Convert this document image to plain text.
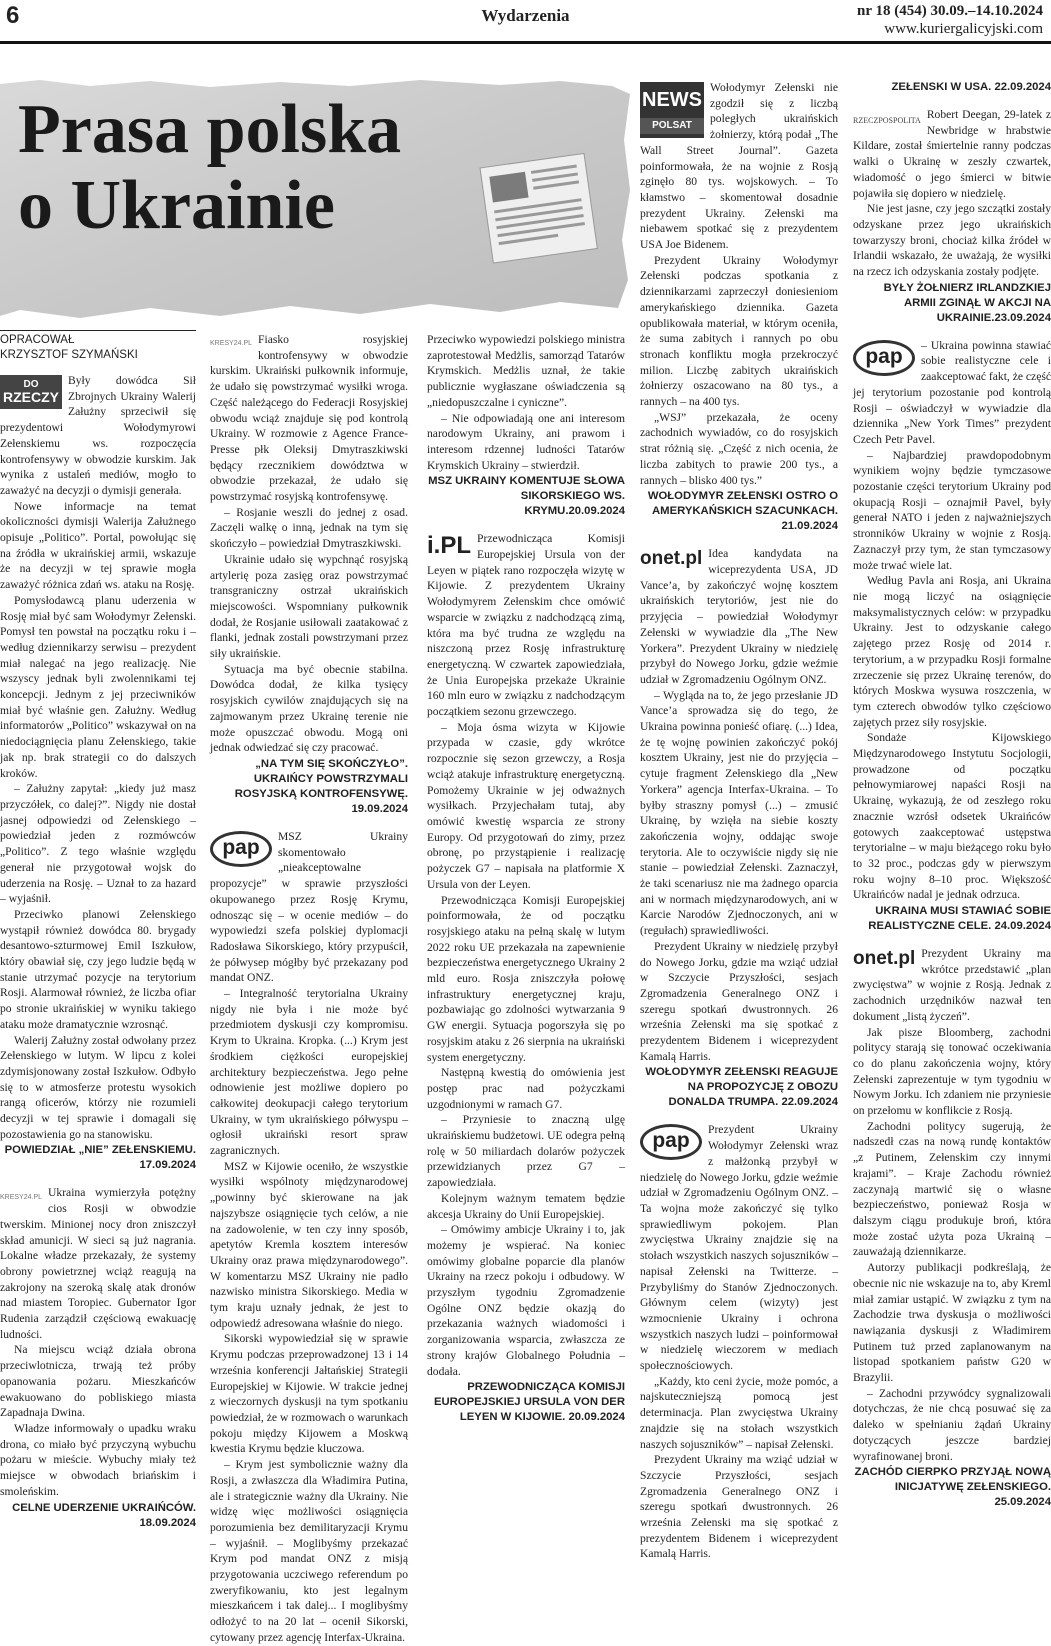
6	Wydarzenia	nr 18 (454) 30.09.–14.10.2024
www.kuriergalicyjski.com
Prasa polska
o Ukrainie
OPRACOWAŁ
KRZYSZTOF SZYMAŃSKI
DO
RZECZY

Były dowódca Sił Zbrojnych Ukrainy Walerij Załużny sprzeciwił się prezydentowi Wołodymyrowi Zełenskiemu ws. rozpoczęcia kontrofensywy w obwodzie kurskim. Jak wynika z ustaleń mediów, mogło to zaważyć na decyzji o dymisji generała.

Nowe informacje na temat okoliczności dymisji Walerija Załużnego opisuje „Politico”. Portal, powołując się na źródła w ukraińskiej armii, wskazuje że na decyzji w tej sprawie mogła zaważyć różnica zdań ws. ataku na Rosję.

Pomysłodawcą planu uderzenia w Rosję miał być sam Wołodymyr Zełenski. Pomysł ten powstał na początku roku i – według dziennikarzy serwisu – prezydent miał nalegać na jego realizację. Nie wszyscy jednak byli zwolennikami tej koncepcji. Jednym z jej przeciwników miał być właśnie gen. Załużny. Według informatorów „Politico” wskazywał on na niedociągnięcia planu Zełenskiego, takie jak np. brak strategii co do dalszych kroków.

– Załużny zapytał: „kiedy już masz przyczółek, co dalej?”. Nigdy nie dostał jasnej odpowiedzi od Zełenskiego – powiedział jeden z rozmówców „Politico”. Z tego właśnie względu generał nie przygotował wojsk do uderzenia na Rosję. – Uznał to za hazard – wyjaśnił.

Przeciwko planowi Zełenskiego wystąpił również dowódca 80. brygady desantowo-szturmowej Emil Iszkułow, który obawiał się, czy jego ludzie będą w stanie utrzymać pozycje na terytorium Rosji. Alarmował również, że liczba ofiar po stronie ukraińskiej w wyniku takiego ataku może dramatycznie wzrosnąć.

Walerij Załużny został odwołany przez Zełenskiego w lutym. W lipcu z kolei zdymisjonowany został Iszkułow. Odbyło się to w atmosferze protestu wysokich rangą oficerów, którzy nie rozumieli decyzji w tej sprawie i domagali się pozostawienia go na stanowisku.

POWIEDZIAŁ „NIE” ZEŁENSKIEMU.
17.09.2024
KRESY24.PL Ukraina wymierzyła potężny cios Rosji w obwodzie twerskim. Minionej nocy dron zniszczył skład amunicji. W sieci są już nagrania. Lokalne władze przekazały, że systemy obrony powietrznej wciąż reagują na zakrojony na szeroką skalę atak dronów nad miastem Toropiec. Gubernator Igor Rudenia zarządził częściową ewakuację ludności.

Na miejscu wciąż działa obrona przeciwlotnicza, trwają też próby opanowania pożaru. Mieszkańców ewakuowano do pobliskiego miasta Zapadnaja Dwina.

Władze informowały o upadku wraku drona, co miało być przyczyną wybuchu pożaru w mieście. Wybuchy miały też miejsce w obwodach briańskim i smoleńskim.

CELNE UDERZENIE UKRAIŃCÓW.
18.09.2024
KRESY24.PL Fiasko rosyjskiej kontrofensywy w obwodzie kurskim. Ukraiński pułkownik informuje, że udało się powstrzymać wysiłki wroga. Część należącego do Federacji Rosyjskiej obwodu wciąż znajduje się pod kontrolą Ukrainy. W rozmowie z Agence France-Presse płk Oleksij Dmytraszkiwski będący rzecznikiem dowództwa w obwodzie przekazał, że udało się powstrzymać rosyjską kontrofensywę.

– Rosjanie weszli do jednej z osad. Zaczęli walkę o inną, jednak na tym się skończyło – powiedział Dmytraszkiwski.

Ukrainie udało się wypchnąć rosyjską artylerię poza zasięg oraz powstrzymać transgraniczny ostrzał ukraińskich miejscowości. Wspomniany pułkownik dodał, że Rosjanie usiłowali zaatakować z flanki, jednak zostali powstrzymani przez siły ukraińskie.

Sytuacja ma być obecnie stabilna. Dowódca dodał, że kilka tysięcy rosyjskich cywilów znajdujących się na zajmowanym przez Ukrainę terenie nie może opuszczać obwodu. Mogą oni jednak odwiedzać się czy pracować.

„NA TYM SIĘ SKOŃCZYŁO”. UKRAIŃCY POWSTRZYMALI ROSYJSKĄ KONTROFENSYWĘ. 19.09.2024
pap	MSZ Ukrainy skomentowało „nieakceptowalne propozycje” w sprawie przyszłości okupowanego przez Rosję Krymu, odnosząc się – w ocenie mediów – do wypowiedzi szefa polskiej dyplomacji Radosława Sikorskiego, który przypuścił, że półwysep mógłby być przekazany pod mandat ONZ.

– Integralność terytorialna Ukrainy nigdy nie była i nie może być przedmiotem dyskusji czy kompromisu. Krym to Ukraina. Kropka. (...) Krym jest środkiem ciężkości europejskiej architektury bezpieczeństwa. Jego pełne odnowienie jest możliwe dopiero po całkowitej deokupacji całego terytorium Ukrainy, w tym ukraińskiego półwyspu – ogłosił ukraiński resort spraw zagranicznych.

MSZ w Kijowie oceniło, że wszystkie wysiłki wspólnoty międzynarodowej „powinny być skierowane na jak najszybsze osiągnięcie tych celów, a nie na zadowolenie, w ten czy inny sposób, apetytów Kremla kosztem interesów Ukrainy oraz prawa międzynarodowego”. W komentarzu MSZ Ukrainy nie padło nazwisko ministra Sikorskiego. Media w tym kraju uznały jednak, że jest to odpowiedź adresowana właśnie do niego.

Sikorski wypowiedział się w sprawie Krymu podczas przeprowadzonej 13 i 14 września konferencji Jałtańskiej Strategii Europejskiej w Kijowie. W trakcie jednej z wieczornych dyskusji na tym spotkaniu powiedział, że w rozmowach o warunkach pokoju między Kijowem a Moskwą kwestia Krymu będzie kluczowa.

– Krym jest symbolicznie ważny dla Rosji, a zwłaszcza dla Władimira Putina, ale i strategicznie ważny dla Ukrainy. Nie widzę więc możliwości osiągnięcia porozumienia bez demilitaryzacji Krymu – wyjaśnił. – Moglibyśmy przekazać Krym pod mandat ONZ z misją przygotowania uczciwego referendum po zweryfikowaniu, kto jest legalnym mieszkańcem i tak dalej... I moglibyśmy odłożyć to na 20 lat – ocenił Sikorski, cytowany przez agencję Interfax-Ukraina.

Przeciwko wypowiedzi polskiego ministra zaprotestował Medżlis, samorząd Tatarów Krymskich. Medżlis uznał, że takie publicznie wygłaszane oświadczenia są „niedopuszczalne i cyniczne”.

– Nie odpowiadają one ani interesom narodowym Ukrainy, ani prawom i interesom rdzennej ludności Tatarów Krymskich Ukrainy – stwierdził.

MSZ UKRAINY KOMENTUJE SŁOWA SIKORSKIEGO WS. KRYMU.20.09.2024
i.PL Przewodnicząca Komisji Europejskiej Ursula von der Leyen w piątek rano rozpoczęła wizytę w Kijowie. Z prezydentem Ukrainy Wołodymyrem Zełenskim chce omówić wsparcie w związku z nadchodzącą zimą, która ma być trudna ze względu na niszczoną przez Rosję infrastrukturę energetyczną. W czwartek zapowiedziała, że Unia Europejska przekaże Ukrainie 160 mln euro w związku z nadchodzącym początkiem sezonu grzewczego.

– Moja ósma wizyta w Kijowie przypada w czasie, gdy wkrótce rozpocznie się sezon grzewczy, a Rosja wciąż atakuje infrastrukturę energetyczną. Pomożemy Ukrainie w jej odważnych wysiłkach. Przyjechałam tutaj, aby omówić kwestię wsparcia ze strony Europy. Od przygotowań do zimy, przez obronę, po przystąpienie i realizację pożyczek G7 – napisała na platformie X Ursula von der Leyen.

Przewodnicząca Komisji Europejskiej poinformowała, że od początku rosyjskiego ataku na pełną skalę w lutym 2022 roku UE przekazała na zapewnienie bezpieczeństwa energetycznego Ukrainy 2 mld euro. Rosja zniszczyła połowę infrastruktury energetycznej kraju, pozbawiając go zdolności wytwarzania 9 GW energii. Sytuacja pogorszyła się po rosyjskim ataku z 26 sierpnia na ukraiński system energetyczny.

Następną kwestią do omówienia jest postęp prac nad pożyczkami uzgodnionymi w ramach G7.

– Przyniesie to znaczną ulgę ukraińskiemu budżetowi. UE odegra pełną rolę w 50 miliardach dolarów pożyczek przewidzianych przez G7 – zapowiedziała.

Kolejnym ważnym tematem będzie akcesja Ukrainy do Unii Europejskiej.

– Omówimy ambicje Ukrainy i to, jak możemy je wspierać. Na koniec omówimy globalne poparcie dla planów Ukrainy na rzecz pokoju i odbudowy. W przyszłym tygodniu Zgromadzenie Ogólne ONZ będzie okazją do przekazania ważnych wiadomości i zorganizowania wsparcia, zwłaszcza ze strony krajów Globalnego Południa – dodała.

PRZEWODNICZĄCA KOMISJI EUROPEJSKIEJ URSULA VON DER LEYEN W KIJOWIE. 20.09.2024
NEWS
POLSAT

Wołodymyr Zełenski nie zgodził się z liczbą poległych ukraińskich żołnierzy, którą podał „The Wall Street Journal”. Gazeta poinformowała, że na wojnie z Rosją zginęło 80 tys. wojskowych. – To kłamstwo – skomentował dosadnie prezydent Ukrainy. Zełenski ma niebawem spotkać się z prezydentem USA Joe Bidenem.

Prezydent Ukrainy Wołodymyr Zełenski podczas spotkania z dziennikarzami zaprzeczył doniesieniom amerykańskiego dziennika. Gazeta opublikowała materiał, w którym oceniła, że suma zabitych i rannych po obu stronach konfliktu mogła przekroczyć milion. Liczbę zabitych ukraińskich żołnierzy oszacowano na 80 tys., a rannych – na 400 tys.

„WSJ” przekazała, że oceny zachodnich wywiadów, co do rosyjskich strat różnią się. „Część z nich ocenia, że liczba zabitych to prawie 200 tys., a rannych – blisko 400 tys.”

WOŁODYMYR ZEŁENSKI OSTRO O AMERYKAŃSKICH SZACUNKACH. 21.09.2024
onet.pl Idea kandydata na wiceprezydenta USA, JD Vance’a, by zakończyć wojnę kosztem ukraińskich terytoriów, jest nie do przyjęcia – powiedział Wołodymyr Zełenski w wywiadzie dla „The New Yorkera”. Prezydent Ukrainy w niedzielę przybył do Nowego Jorku, gdzie weźmie udział w Zgromadzeniu Ogólnym ONZ.

– Wygląda na to, że jego przesłanie JD Vance’a sprowadza się do tego, że Ukraina powinna ponieść ofiarę. (...) Idea, że tę wojnę powinien zakończyć pokój kosztem Ukrainy, jest nie do przyjęcia – cytuje fragment Zełenskiego dla „New Yorkera” agencja Interfax-Ukraina. – To byłby straszny pomysł (...) – zmusić Ukrainę, by wzięła na siebie koszty zakończenia wojny, oddając swoje terytoria. Ale to oczywiście nigdy się nie stanie – powiedział Zełenski. Zaznaczył, że taki scenariusz nie ma żadnego oparcia ani w normach międzynarodowych, ani w Karcie Narodów Zjednoczonych, ani w (regułach) sprawiedliwości.

Prezydent Ukrainy w niedzielę przybył do Nowego Jorku, gdzie ma wziąć udział w Szczycie Przyszłości, sesjach Zgromadzenia Generalnego ONZ i szeregu spotkań dwustronnych. 26 września Zełenski ma się spotkać z prezydentem Bidenem i wiceprezydent Kamalą Harris.

WOŁODYMYR ZEŁENSKI REAGUJE NA PROPOZYCJĘ Z OBOZU DONALDA TRUMPA. 22.09.2024
pap	Prezydent Ukrainy Wołodymyr Zełenski wraz z małżonką przybył w niedzielę do Nowego Jorku, gdzie weźmie udział w Zgromadzeniu Ogólnym ONZ. – Ta wojna może zakończyć się tylko sprawiedliwym pokojem. Plan zwycięstwa Ukrainy znajdzie się na stołach wszystkich naszych sojuszników – napisał Zełenski na Twitterze. – Przybyliśmy do Stanów Zjednoczonych. Głównym celem (wizyty) jest wzmocnienie Ukrainy i ochrona wszystkich naszych ludzi – poinformował w niedzielę wieczorem w mediach społecznościowych.

„Każdy, kto ceni życie, może pomóc, a najskuteczniejszą pomocą jest determinacja. Plan zwycięstwa Ukrainy znajdzie się na stołach wszystkich naszych sojuszników” – napisał Zełenski.

Prezydent Ukrainy ma wziąć udział w Szczycie Przyszłości, sesjach Zgromadzenia Generalnego ONZ i szeregu spotkań dwustronnych. 26 września Zełenski ma się spotkać z prezydentem Bidenem i wiceprezydent Kamalą Harris.

ZEŁENSKI W USA. 22.09.2024
RZECZPOSPOLITA Robert Deegan, 29-latek z Newbridge w hrabstwie Kildare, został śmiertelnie ranny podczas walki o Ukrainę w zeszły czwartek, wiadomość o jego śmierci w bitwie pojawiła się dopiero w niedzielę.

Nie jest jasne, czy jego szczątki zostały odzyskane przez jego ukraińskich towarzyszy broni, chociaż kilka źródeł w Irlandii wskazało, że uważają, że wysiłki na rzecz ich odzyskania zostały podjęte.

BYŁY ŻOŁNIERZ IRLANDZKIEJ ARMII ZGINĄŁ W AKCJI NA UKRAINIE.23.09.2024
pap	– Ukraina powinna stawiać sobie realistyczne cele i zaakceptować fakt, że część jej terytorium pozostanie pod kontrolą Rosji – oświadczył w wywiadzie dla dziennika „New York Times” prezydent Czech Petr Pavel.

– Najbardziej prawdopodobnym wynikiem wojny będzie tymczasowe pozostanie części terytorium Ukrainy pod okupacją Rosji – oznajmił Pavel, były generał NATO i jeden z najważniejszych stronników Ukrainy w wojnie z Rosją. Zaznaczył przy tym, że stan tymczasowy może trwać wiele lat.

Według Pavla ani Rosja, ani Ukraina nie mogą liczyć na osiągnięcie maksymalistycznych celów: w przypadku Ukrainy. Jest to odzyskanie całego zajętego przez Rosję od 2014 r. terytorium, a w przypadku Rosji formalne zrzeczenie się przez Ukrainę terenów, do których Moskwa wysuwa roszczenia, w tym czterech obwodów tylko częściowo zajętych przez siły rosyjskie.

Sondaże Kijowskiego Międzynarodowego Instytutu Socjologii, prowadzone od początku pełnowymiarowej napaści Rosji na Ukrainę, wykazują, że od zeszłego roku znacznie wzrósł odsetek Ukraińców gotowych zaakceptować ustępstwa terytorialne – w maju bieżącego roku było to 32 proc., podczas gdy w pierwszym roku wojny 8–10 proc. Większość Ukraińców nadal je jednak odrzuca.

UKRAINA MUSI STAWIAĆ SOBIE REALISTYCZNE CELE. 24.09.2024
onet.pl Prezydent Ukrainy ma wkrótce przedstawić „plan zwycięstwa” w wojnie z Rosją. Jednak z zachodnich urzędników nazwał ten dokument „listą życzeń”.

Jak pisze Bloomberg, zachodni politycy starają się tonować oczekiwania co do planu zakończenia wojny, który Zełenski zaprezentuje w tym tygodniu w Nowym Jorku. Ich zdaniem nie przyniesie on przełomu w konflikcie z Rosją.

Zachodni politycy sugerują, że nadszedł czas na nową rundę kontaktów „z Putinem, Zełenskim czy innymi krajami”. – Kraje Zachodu również zaczynają martwić się o własne bezpieczeństwo, ponieważ Rosja w dalszym ciągu produkuje broń, która może zostać użyta poza Ukrainą – zauważają dziennikarze.

Autorzy publikacji podkreślają, że obecnie nic nie wskazuje na to, aby Kreml miał zamiar ustąpić. W związku z tym na Zachodzie trwa dyskusja o możliwości nawiązania dyskusji z Władimirem Putinem tuż przed zaplanowanym na listopad spotkaniem państw G20 w Brazylii.

– Zachodni przywódcy sygnalizowali dotychczas, że nie chcą posuwać się za daleko w spełnianiu żądań Ukrainy dotyczących jeszcze bardziej wyrafinowanej broni.

ZACHÓD CIERPKO PRZYJĄŁ NOWĄ INICJATYWĘ ZEŁENSKIEGO. 25.09.2024
